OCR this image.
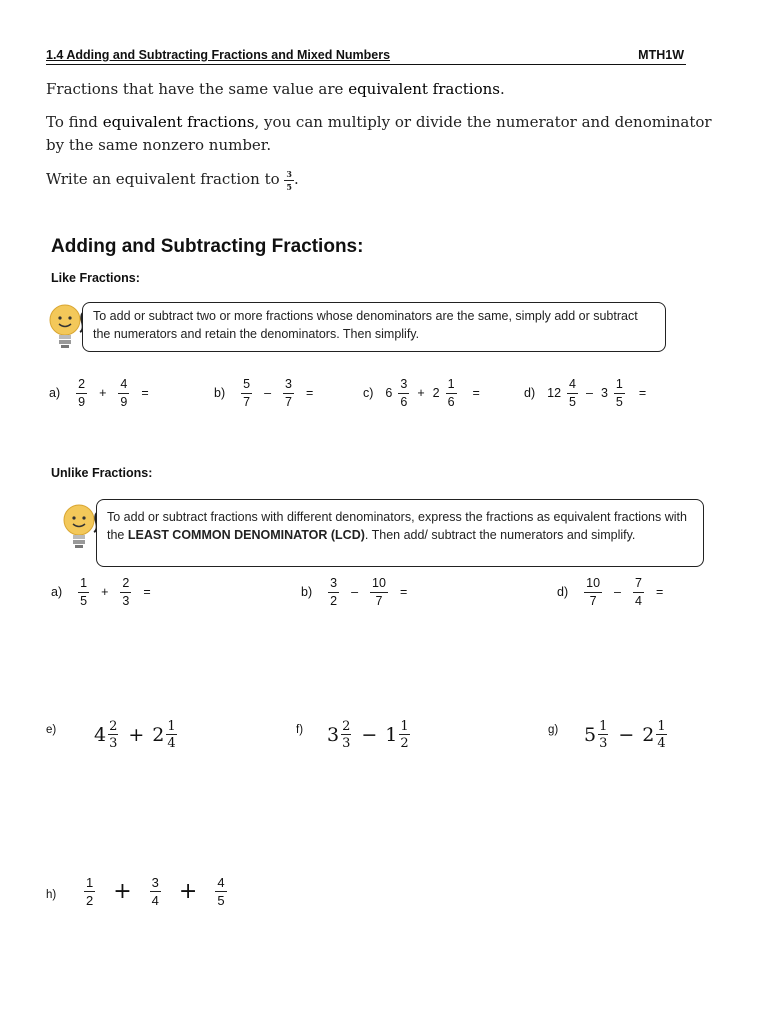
1.4 Adding and Subtracting Fractions and Mixed Numbers	MTH1W
Fractions that have the same value are equivalent fractions.
To find equivalent fractions, you can multiply or divide the numerator and denominator by the same nonzero number.
Write an equivalent fraction to $\frac{3}{5}$ .
Adding and Subtracting Fractions:
Like Fractions:
To add or subtract two or more fractions whose denominators are the same, simply add or subtract the numerators and retain the denominators. Then simplify.
$a) \frac{2}{9} + \frac{4}{9}$ =	$b) \frac{5}{7} - \frac{3}{7}$ =	c) $6 \frac{3}{6} + 2 \frac{1}{6}$ =	d) $12 \frac{4}{5} - 3 \frac{1}{5}$ =
Unlike Fractions:
To add or subtract fractions with different denominators, express the fractions as equivalent fractions with the LEAST COMMON DENOMINATOR (LCD). Then add/ subtract the numerators and simplify.
$a) \frac{1}{5} + \frac{2}{3}$ =	$b) \frac{3}{2} - \frac{10}{7}$ =	$d) \frac{10}{7} - \frac{7}{4}$ =
e) $4 \frac{2}{3} + 2 \frac{1}{4}$	f) $3 \frac{2}{3} - 1 \frac{1}{2}$	g) $5 \frac{1}{3} - 2 \frac{1}{4}$
$h) \frac{1}{2} + \frac{3}{4} + \frac{4}{5}$
